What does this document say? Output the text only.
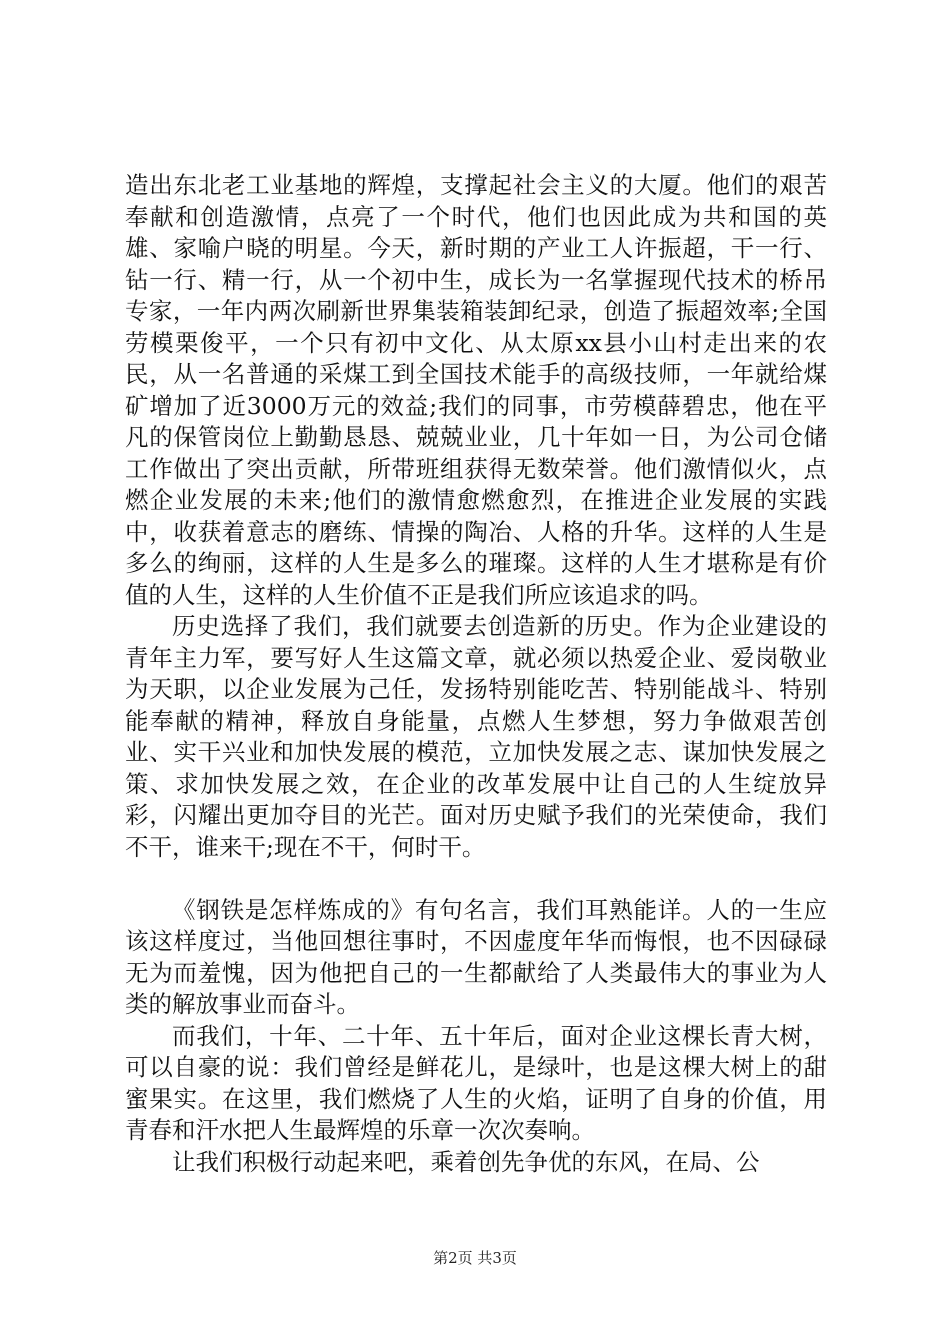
造出东北老工业基地的辉煌，支撑起社会主义的大厦。他们的艰苦奉献和创造激情，点亮了一个时代，他们也因此成为共和国的英雄、家喻户晓的明星。今天，新时期的产业工人许振超，干一行、钻一行、精一行，从一个初中生，成长为一名掌握现代技术的桥吊专家，一年内两次刷新世界集装箱装卸纪录，创造了振超效率;全国劳模栗俊平，一个只有初中文化、从太原xx县小山村走出来的农民，从一名普通的采煤工到全国技术能手的高级技师，一年就给煤矿增加了近3000万元的效益;我们的同事，市劳模薛碧忠，他在平凡的保管岗位上勤勤恳恳、兢兢业业，几十年如一日，为公司仓储工作做出了突出贡献，所带班组获得无数荣誉。他们激情似火，点燃企业发展的未来;他们的激情愈燃愈烈，在推进企业发展的实践中，收获着意志的磨练、情操的陶冶、人格的升华。这样的人生是多么的绚丽，这样的人生是多么的璀璨。这样的人生才堪称是有价值的人生，这样的人生价值不正是我们所应该追求的吗。

历史选择了我们，我们就要去创造新的历史。作为企业建设的青年主力军，要写好人生这篇文章，就必须以热爱企业、爱岗敬业为天职，以企业发展为己任，发扬特别能吃苦、特别能战斗、特别能奉献的精神，释放自身能量，点燃人生梦想，努力争做艰苦创业、实干兴业和加快发展的模范，立加快发展之志、谋加快发展之策、求加快发展之效，在企业的改革发展中让自己的人生绽放异彩，闪耀出更加夺目的光芒。面对历史赋予我们的光荣使命，我们不干，谁来干;现在不干，何时干。

《钢铁是怎样炼成的》有句名言，我们耳熟能详。人的一生应该这样度过，当他回想往事时，不因虚度年华而悔恨，也不因碌碌无为而羞愧，因为他把自己的一生都献给了人类最伟大的事业为人类的解放事业而奋斗。

而我们，十年、二十年、五十年后，面对企业这棵长青大树，可以自豪的说：我们曾经是鲜花儿，是绿叶，也是这棵大树上的甜蜜果实。在这里，我们燃烧了人生的火焰，证明了自身的价值，用青春和汗水把人生最辉煌的乐章一次次奏响。

让我们积极行动起来吧，乘着创先争优的东风，在局、公

第2页 共3页
